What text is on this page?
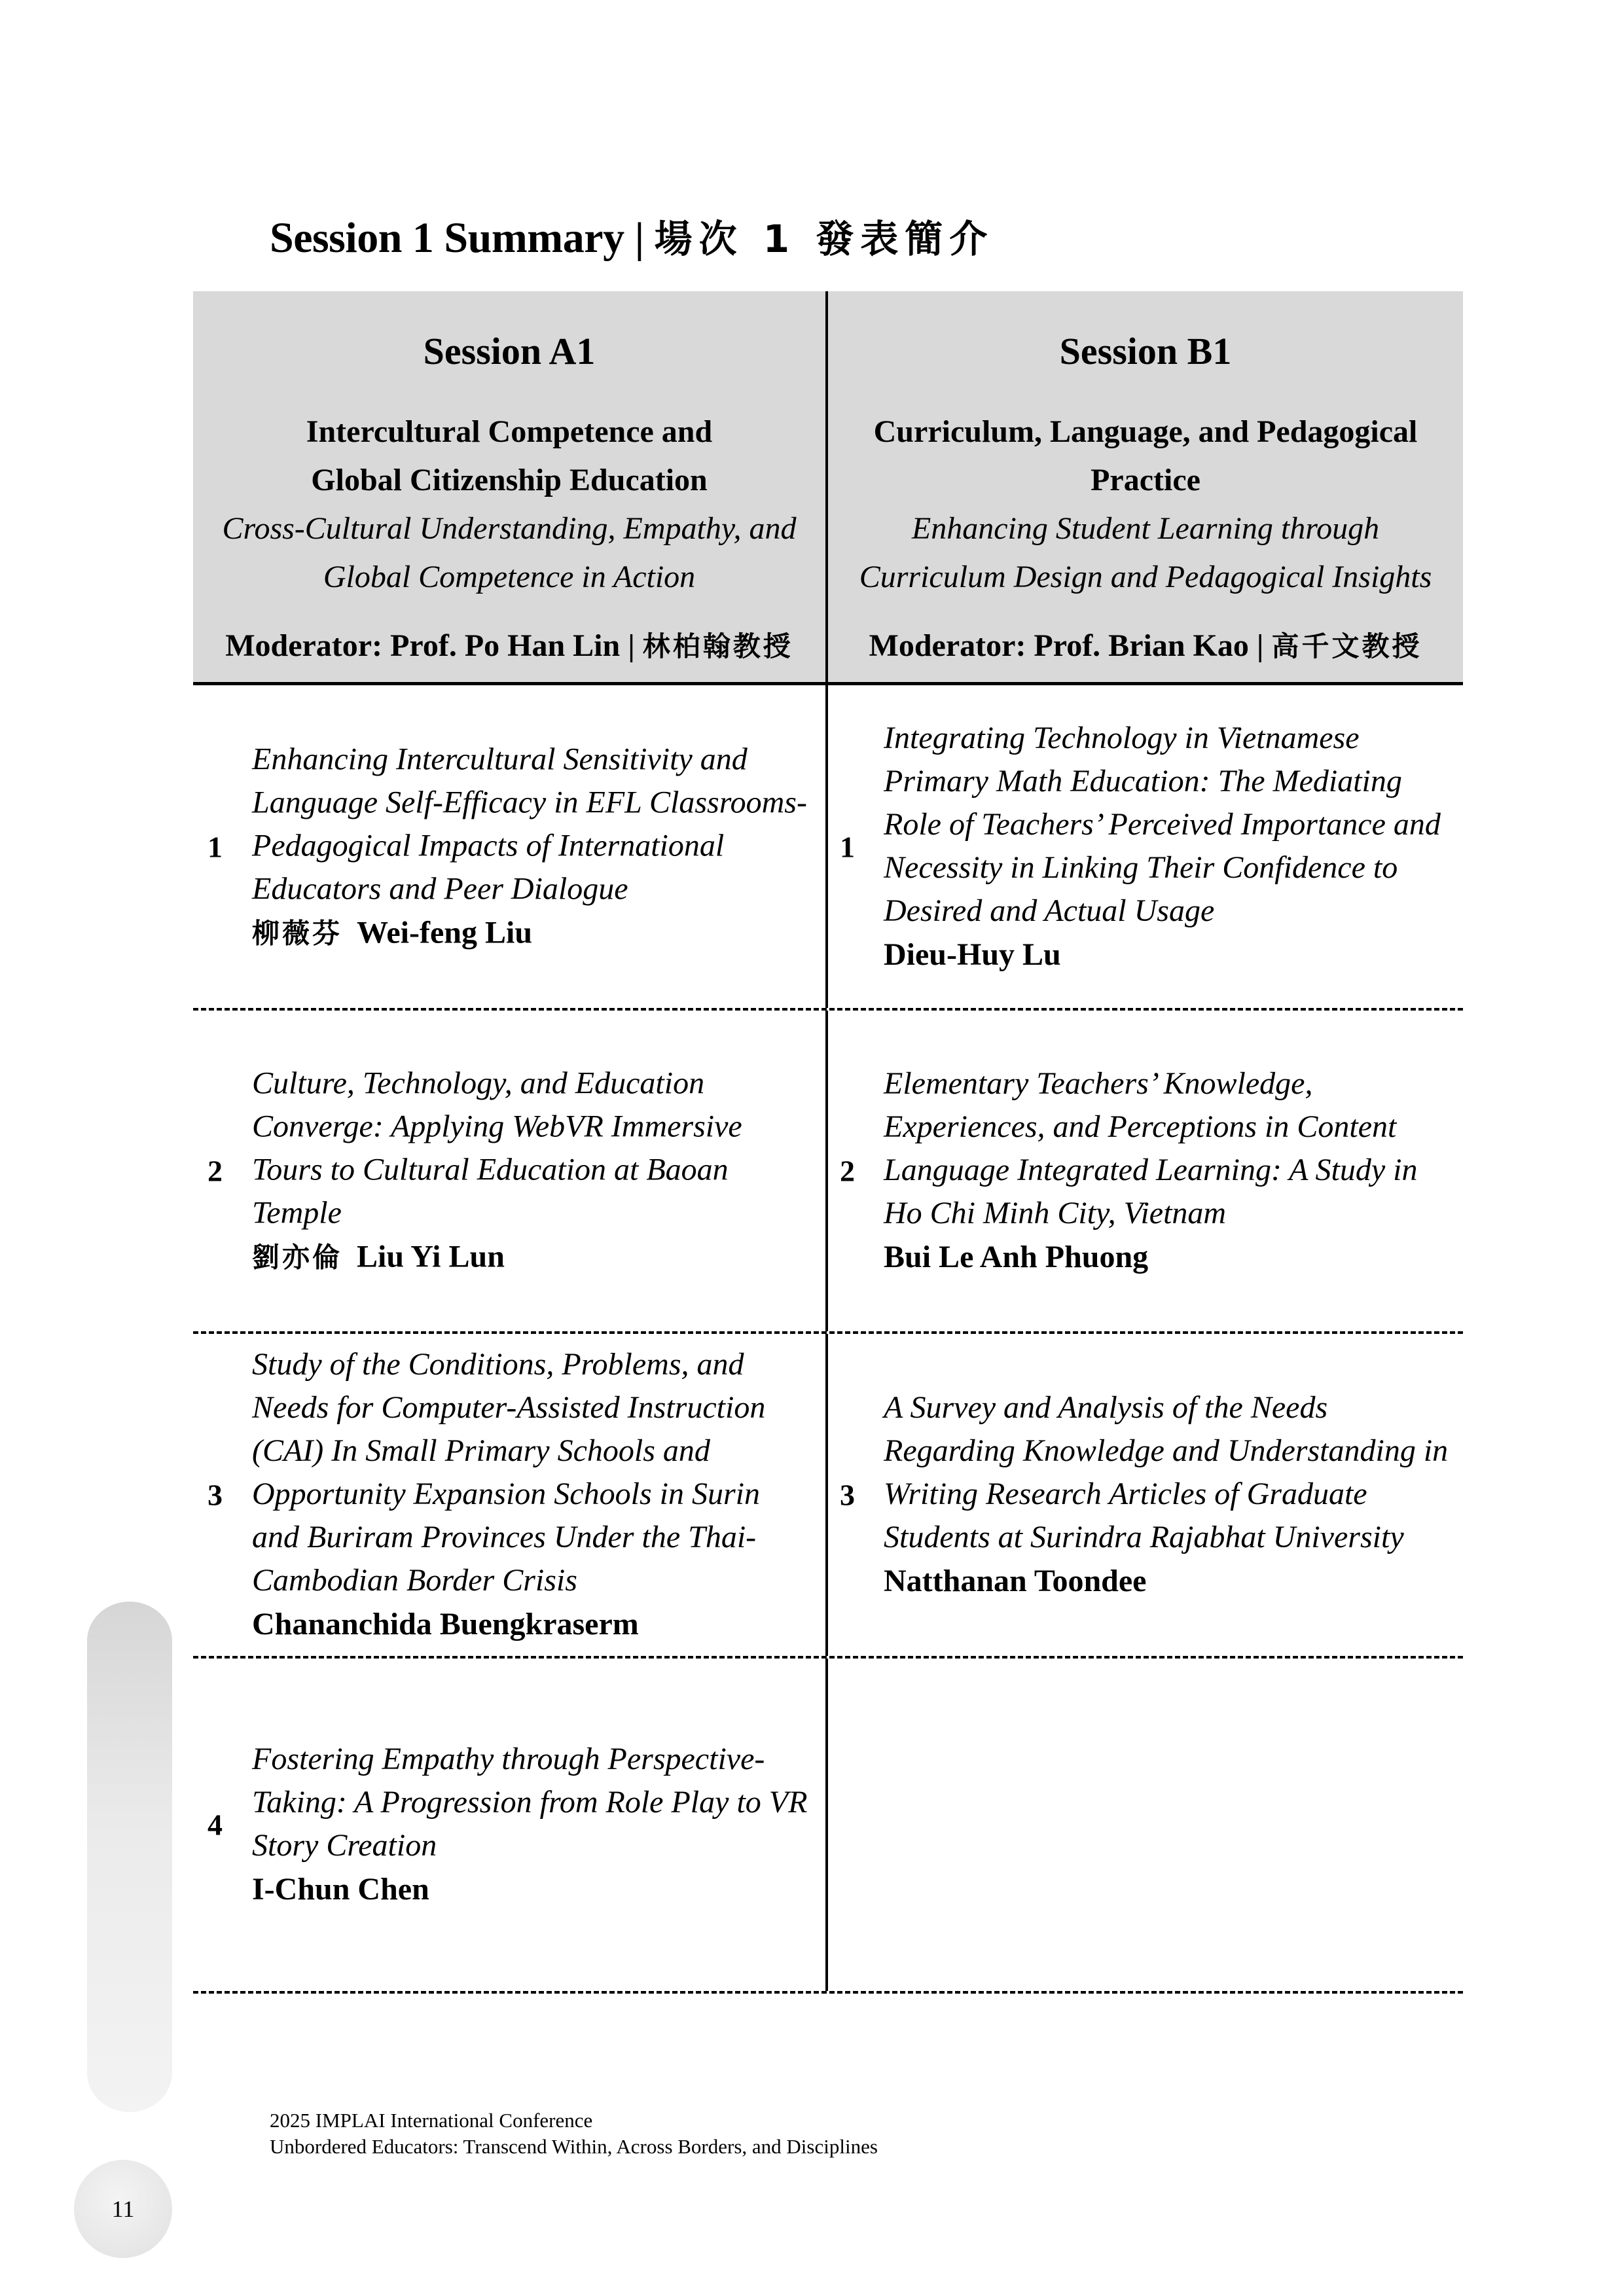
Session 1 Summary | 場次 1 發表簡介
Session A1
Intercultural Competence and Global Citizenship Education
Cross-Cultural Understanding, Empathy, and Global Competence in Action
Moderator: Prof. Po Han Lin | 林柏翰教授
Session B1
Curriculum, Language, and Pedagogical Practice
Enhancing Student Learning through Curriculum Design and Pedagogical Insights
Moderator: Prof. Brian Kao | 高千文教授
1
Enhancing Intercultural Sensitivity and Language Self-Efficacy in EFL Classrooms- Pedagogical Impacts of International Educators and Peer Dialogue
柳薇芬 Wei-feng Liu
1
Integrating Technology in Vietnamese Primary Math Education: The Mediating Role of Teachers’ Perceived Importance and Necessity in Linking Their Confidence to Desired and Actual Usage
Dieu-Huy Lu
2
Culture, Technology, and Education Converge: Applying WebVR Immersive Tours to Cultural Education at Baoan Temple
劉亦倫 Liu Yi Lun
2
Elementary Teachers’ Knowledge, Experiences, and Perceptions in Content Language Integrated Learning: A Study in Ho Chi Minh City, Vietnam
Bui Le Anh Phuong
3
Study of the Conditions, Problems, and Needs for Computer-Assisted Instruction (CAI) In Small Primary Schools and Opportunity Expansion Schools in Surin and Buriram Provinces Under the Thai-Cambodian Border Crisis
Chananchida Buengkraserm
3
A Survey and Analysis of the Needs Regarding Knowledge and Understanding in Writing Research Articles of Graduate Students at Surindra Rajabhat University
Natthanan Toondee
4
Fostering Empathy through Perspective-Taking: A Progression from Role Play to VR Story Creation
I-Chun Chen
11
2025 IMPLAI International Conference
Unbordered Educators: Transcend Within, Across Borders, and Disciplines
